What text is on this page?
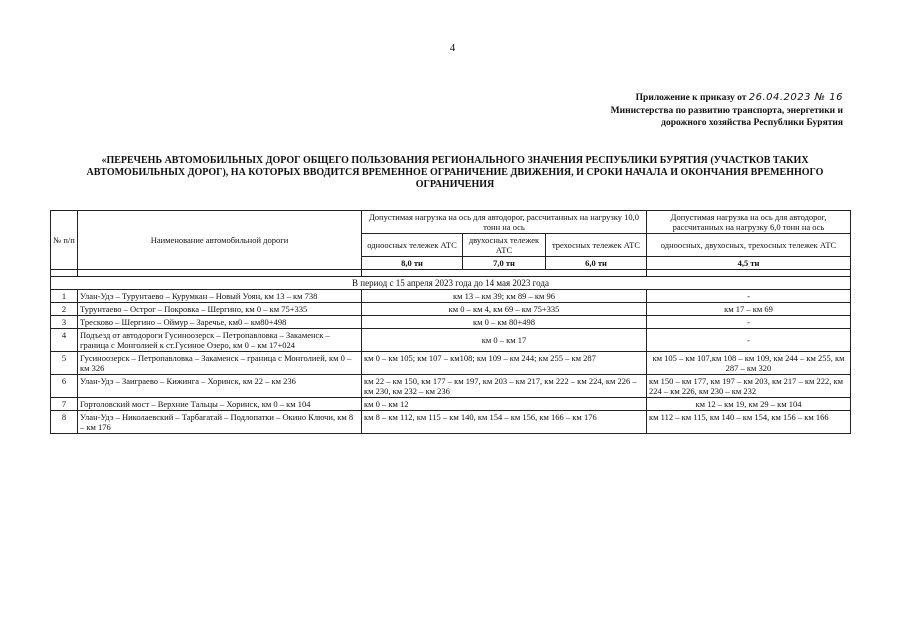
4
Приложение к приказу от 26.04.2023 № 16
Министерства по развитию транспорта, энергетики и
дорожного хозяйства Республики Бурятия
«ПЕРЕЧЕНЬ АВТОМОБИЛЬНЫХ ДОРОГ ОБЩЕГО ПОЛЬЗОВАНИЯ РЕГИОНАЛЬНОГО ЗНАЧЕНИЯ РЕСПУБЛИКИ БУРЯТИЯ (УЧАСТКОВ ТАКИХ АВТОМОБИЛЬНЫХ ДОРОГ), НА КОТОРЫХ ВВОДИТСЯ ВРЕМЕННОЕ ОГРАНИЧЕНИЕ ДВИЖЕНИЯ, И СРОКИ НАЧАЛА И ОКОНЧАНИЯ ВРЕМЕННОГО ОГРАНИЧЕНИЯ
№ п/п	Наименование автомобильной дороги	Допустимая нагрузка на ось для автодорог, рассчитанных на нагрузку 10,0 тонн на ось			Допустимая нагрузка на ось для автодорог, рассчитанных на нагрузку 6,0 тонн на ось
		одноосных тележек АТС	двухосных тележек АТС	трехосных тележек АТС	одноосных, двухосных, трехосных тележек АТС
		8,0 тн	7,0 тн	6,0 тн	4,5 тн

В период с 15 апреля 2023 года до 14 мая 2023 года					
1	Улан-Удэ – Турунтаево – Курумкан – Новый Уоян, км 13 – км 738	км 13 – км 39; км 89 – км 96			-
2	Турунтаево – Острог – Покровка – Шергино, км 0 – км 75+335	км 0 – км 4, км 69 – км 75+335			км 17 – км 69
3	Тресково – Шергино – Оймур – Заречье, км0 – км80+498	км 0 – км 80+498			-
4	Подъезд от автодороги Гусиноозерск – Петропавловка – Закаменск – граница с Монголией к ст.Гусиное Озеро, км 0 – км 17+024	км 0 – км 17			-
5	Гусиноозерск – Петропавловка – Закаменск – граница с Монголией, км 0 – км 326	км 0 – км 105; км 107 – км108; км 109 – км 244; км 255 – км 287			км 105 – км 107,км 108 – км 109, км 244 – км 255, км 287 – км 320
6	Улан-Удэ – Заиграево – Кижинга – Хоринск, км 22 – км 236	км 22 – км 150, км 177 – км 197, км 203 – км 217, км 222 – км 224, км 226 – км 230, км 232 – км 236			км 150 – км 177, км 197 – км 203, км 217 – км 222, км 224 – км 226, км 230 – км 232
7	Гортоловский мост – Верхние Тальцы – Хоринск, км 0 – км 104	км 0 – км 12			км 12 – км 19, км 29 – км 104
8	Улан-Удэ – Николаевский – Тарбагатай – Подлопатки – Окино Ключи, км 8 – км 176	км 8 – км 112, км 115 – км 140, км 154 – км 156, км 166 – км 176			км 112 – км 115, км 140 – км 154, км 156 – км 166
